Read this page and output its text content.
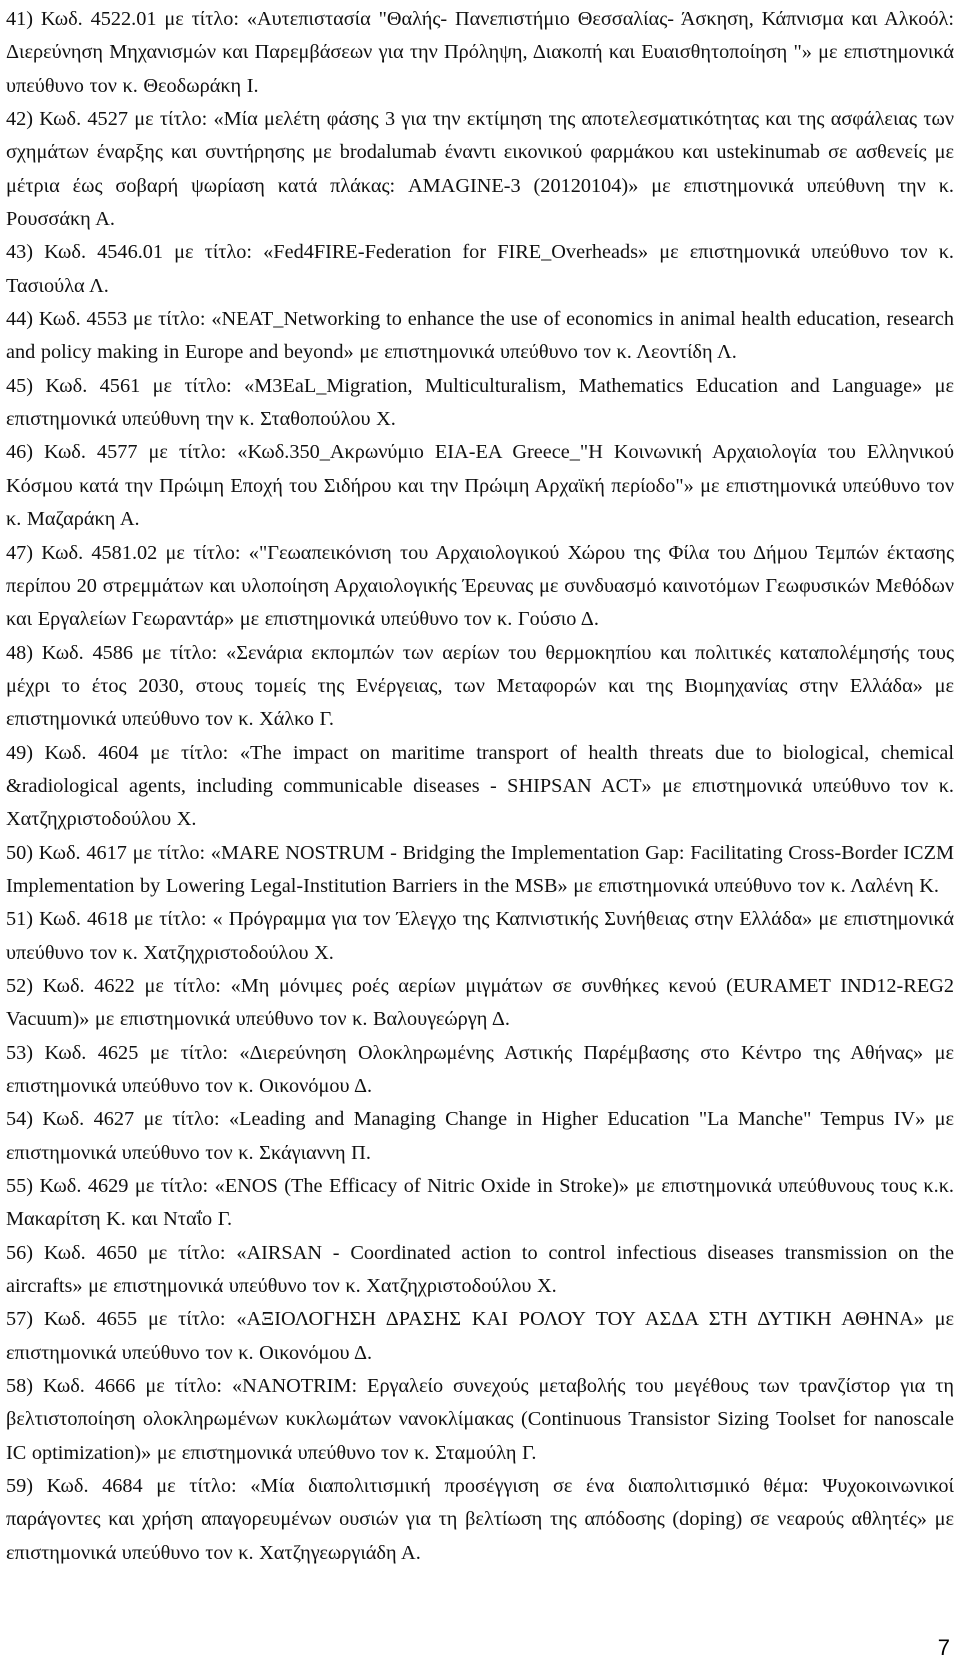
41) Κωδ. 4522.01 με τίτλο: «Αυτεπιστασία "Θαλής- Πανεπιστήμιο Θεσσαλίας- Άσκηση, Κάπνισμα και Αλκοόλ: Διερεύνηση Μηχανισμών και Παρεμβάσεων για την Πρόληψη, Διακοπή και Ευαισθητοποίηση "» με επιστημονικά υπεύθυνο τον κ. Θεοδωράκη Ι.

42) Κωδ. 4527 με τίτλο: «Μία μελέτη φάσης 3 για την εκτίμηση της αποτελεσματικότητας και της ασφάλειας των σχημάτων έναρξης και συντήρησης με brodalumab έναντι εικονικού φαρμάκου και ustekinumab σε ασθενείς με μέτρια έως σοβαρή ψωρίαση κατά πλάκας: AMAGINE-3 (20120104)» με επιστημονικά υπεύθυνη την κ. Ρουσσάκη Α.

43) Κωδ. 4546.01 με τίτλο: «Fed4FIRE-Federation for FIRE_Overheads» με επιστημονικά υπεύθυνο τον κ. Τασιούλα Λ.

44) Κωδ. 4553 με τίτλο: «NEAT_Networking to enhance the use of economics in animal health education, research and policy making in Europe and beyond» με επιστημονικά υπεύθυνο τον κ. Λεοντίδη Λ.

45) Κωδ. 4561 με τίτλο: «M3EaL_Migration, Multiculturalism, Mathematics Education and Language» με επιστημονικά υπεύθυνη την κ. Σταθοπούλου Χ.

46) Κωδ. 4577 με τίτλο: «Κωδ.350_Ακρωνύμιο EIA-EA Greece_"Η Κοινωνική Αρχαιολογία του Ελληνικού Κόσμου κατά την Πρώιμη Εποχή του Σιδήρου και την Πρώιμη Αρχαϊκή περίοδο"» με επιστημονικά υπεύθυνο τον κ. Μαζαράκη Α.

47) Κωδ. 4581.02 με τίτλο: «"Γεωαπεικόνιση του Αρχαιολογικού Χώρου της Φίλα του Δήμου Τεμπών έκτασης περίπου 20 στρεμμάτων και υλοποίηση Αρχαιολογικής Έρευνας με συνδυασμό καινοτόμων Γεωφυσικών Μεθόδων και Εργαλείων Γεωραντάρ» με επιστημονικά υπεύθυνο τον κ. Γούσιο Δ.

48) Κωδ. 4586 με τίτλο: «Σενάρια εκπομπών των αερίων του θερμοκηπίου και πολιτικές καταπολέμησής τους μέχρι το έτος 2030, στους τομείς της Ενέργειας, των Μεταφορών και της Βιομηχανίας στην Ελλάδα» με επιστημονικά υπεύθυνο τον κ. Χάλκο Γ.

49) Κωδ. 4604 με τίτλο: «The impact on maritime transport of health threats due to biological, chemical &radiological agents, including communicable diseases - SHIPSAN ACT» με επιστημονικά υπεύθυνο τον κ. Χατζηχριστοδούλου Χ.

50) Κωδ. 4617 με τίτλο: «MARE NOSTRUM - Bridging the Implementation Gap: Facilitating Cross-Border ICZM Implementation by Lowering Legal-Institution Barriers in the MSB» με επιστημονικά υπεύθυνο τον κ. Λαλένη Κ.

51) Κωδ. 4618 με τίτλο: « Πρόγραμμα για τον Έλεγχο της Καπνιστικής Συνήθειας στην Ελλάδα» με επιστημονικά υπεύθυνο τον κ. Χατζηχριστοδούλου Χ.

52) Κωδ. 4622 με τίτλο: «Μη μόνιμες ροές αερίων μιγμάτων σε συνθήκες κενού (EURAMET IND12-REG2 Vacuum)» με επιστημονικά υπεύθυνο τον κ. Βαλουγεώργη Δ.

53) Κωδ. 4625 με τίτλο: «Διερεύνηση Ολοκληρωμένης Αστικής Παρέμβασης στο Κέντρο της Αθήνας» με επιστημονικά υπεύθυνο τον κ. Οικονόμου Δ.

54) Κωδ. 4627 με τίτλο: «Leading and Managing Change in Higher Education "La Manche" Tempus IV» με επιστημονικά υπεύθυνο τον κ. Σκάγιαννη Π.

55) Κωδ. 4629 με τίτλο: «ENOS (The Efficacy of Nitric Oxide in Stroke)» με επιστημονικά υπεύθυνους τους κ.κ. Μακαρίτση Κ. και Νταΐο Γ.

56) Κωδ. 4650 με τίτλο: «AIRSAN - Coordinated action to control infectious diseases transmission on the aircrafts» με επιστημονικά υπεύθυνο τον κ. Χατζηχριστοδούλου Χ.

57) Κωδ. 4655 με τίτλο: «ΑΞΙΟΛΟΓΗΣΗ ΔΡΑΣΗΣ ΚΑΙ ΡΟΛΟΥ ΤΟΥ ΑΣΔΑ ΣΤΗ ΔΥΤΙΚΗ ΑΘΗΝΑ» με επιστημονικά υπεύθυνο τον κ. Οικονόμου Δ.

58) Κωδ. 4666 με τίτλο: «NANOTRIM: Εργαλείο συνεχούς μεταβολής του μεγέθους των τρανζίστορ για τη βελτιστοποίηση ολοκληρωμένων κυκλωμάτων νανοκλίμακας (Continuous Transistor Sizing Toolset for nanoscale IC optimization)» με επιστημονικά υπεύθυνο τον κ. Σταμούλη Γ.

59) Κωδ. 4684 με τίτλο: «Μία διαπολιτισμική προσέγγιση σε ένα διαπολιτισμικό θέμα: Ψυχοκοινωνικοί παράγοντες και χρήση απαγορευμένων ουσιών για τη βελτίωση της απόδοσης (doping) σε νεαρούς αθλητές» με επιστημονικά υπεύθυνο τον κ. Χατζηγεωργιάδη Α.

7
